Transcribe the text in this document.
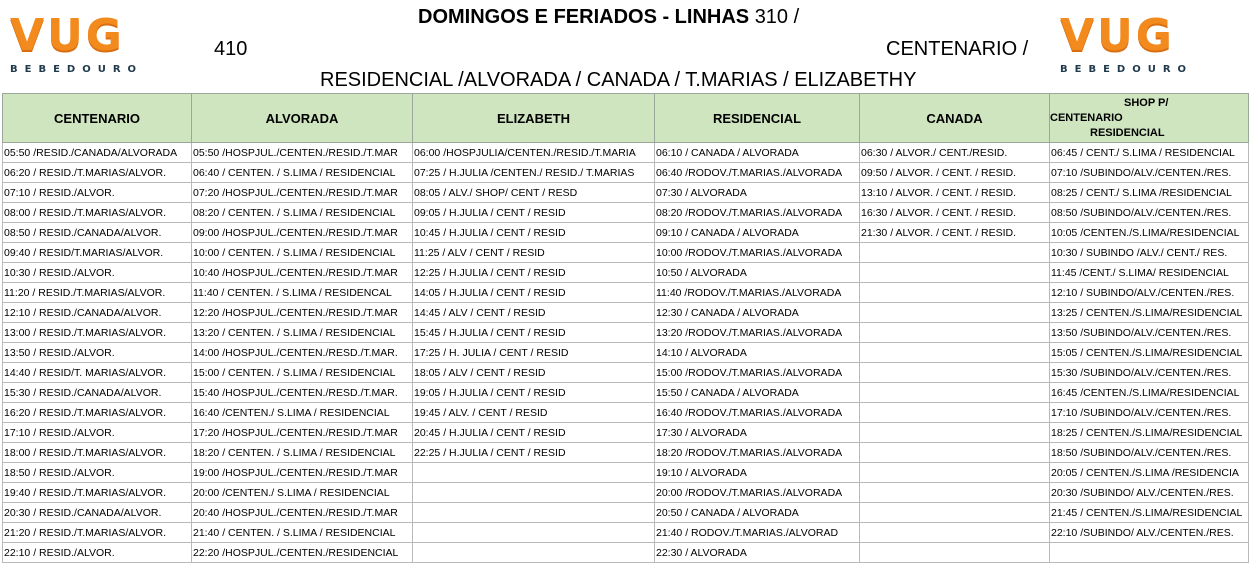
VUG
BEBEDOURO
DOMINGOS E FERIADOS - LINHAS 310 /
410	CENTENARIO /
RESIDENCIAL /ALVORADA / CANADA / T.MARIAS / ELIZABETHY
VUG
BEBEDOURO
CENTENARIO	ALVORADA	ELIZABETH	RESIDENCIAL	CANADA	SHOP P/
CENTENARIO
RESIDENCIAL

05:50 /RESID./CANADA/ALVORADA	05:50 /HOSPJUL./CENTEN./RESID./T.MAR	06:00 /HOSPJULIA/CENTEN./RESID./T.MARIA	06:10 / CANADA / ALVORADA	06:30 / ALVOR./ CENT./RESID.	06:45 / CENT./ S.LIMA / RESIDENCIAL
06:20 / RESID./T.MARIAS/ALVOR.	06:40 / CENTEN. / S.LIMA / RESIDENCIAL	07:25 / H.JULIA /CENTEN./ RESID./ T.MARIAS	06:40 /RODOV./T.MARIAS./ALVORADA	09:50 / ALVOR. / CENT. / RESID.	07:10 /SUBINDO/ALV./CENTEN./RES.
07:10 / RESID./ALVOR.	07:20 /HOSPJUL./CENTEN./RESID./T.MAR	08:05 / ALV./ SHOP/ CENT / RESD	07:30 / ALVORADA	13:10 / ALVOR. / CENT. / RESID.	08:25 / CENT./ S.LIMA /RESIDENCIAL
08:00 / RESID./T.MARIAS/ALVOR.	08:20 / CENTEN. / S.LIMA / RESIDENCIAL	09:05 / H.JULIA / CENT / RESID	08:20 /RODOV./T.MARIAS./ALVORADA	16:30 / ALVOR. / CENT. / RESID.	08:50 /SUBINDO/ALV./CENTEN./RES.
08:50 / RESID./CANADA/ALVOR.	09:00 /HOSPJUL./CENTEN./RESID./T.MAR	10:45 / H.JULIA / CENT / RESID	09:10 / CANADA / ALVORADA	21:30 / ALVOR. / CENT. / RESID.	10:05 /CENTEN./S.LIMA/RESIDENCIAL
09:40 / RESID/T.MARIAS/ALVOR.	10:00 / CENTEN. / S.LIMA / RESIDENCIAL	11:25 / ALV / CENT / RESID	10:00 /RODOV./T.MARIAS./ALVORADA		10:30 / SUBINDO /ALV./ CENT./ RES.
10:30 / RESID./ALVOR.	10:40 /HOSPJUL./CENTEN./RESID./T.MAR	12:25 / H.JULIA / CENT / RESID	10:50 / ALVORADA		11:45 /CENT./ S.LIMA/ RESIDENCIAL
11:20 / RESID./T.MARIAS/ALVOR.	11:40 / CENTEN. / S.LIMA / RESIDENCAL	14:05 / H.JULIA / CENT / RESID	11:40 /RODOV./T.MARIAS./ALVORADA		12:10 / SUBINDO/ALV./CENTEN./RES.
12:10 / RESID./CANADA/ALVOR.	12:20 /HOSPJUL./CENTEN./RESID./T.MAR	14:45 / ALV / CENT / RESID	12:30 / CANADA / ALVORADA		13:25 / CENTEN./S.LIMA/RESIDENCIAL
13:00 / RESID./T.MARIAS/ALVOR.	13:20 / CENTEN. / S.LIMA / RESIDENCIAL	15:45 / H.JULIA / CENT / RESID	13:20 /RODOV./T.MARIAS./ALVORADA		13:50 /SUBINDO/ALV./CENTEN./RES.
13:50 / RESID./ALVOR.	14:00 /HOSPJUL./CENTEN./RESD./T.MAR.	17:25 / H. JULIA / CENT / RESID	14:10 / ALVORADA		15:05 / CENTEN./S.LIMA/RESIDENCIAL
14:40 / RESID/T. MARIAS/ALVOR.	15:00 / CENTEN. / S.LIMA / RESIDENCIAL	18:05 / ALV / CENT / RESID	15:00 /RODOV./T.MARIAS./ALVORADA		15:30 /SUBINDO/ALV./CENTEN./RES.
15:30 / RESID./CANADA/ALVOR.	15:40 /HOSPJUL./CENTEN./RESD./T.MAR.	19:05 / H.JULIA / CENT / RESID	15:50 / CANADA / ALVORADA		16:45 /CENTEN./S.LIMA/RESIDENCIAL
16:20 / RESID./T.MARIAS/ALVOR.	16:40 /CENTEN./ S.LIMA / RESIDENCIAL	19:45 / ALV. / CENT / RESID	16:40 /RODOV./T.MARIAS./ALVORADA		17:10 /SUBINDO/ALV./CENTEN./RES.
17:10 / RESID./ALVOR.	17:20 /HOSPJUL./CENTEN./RESID./T.MAR	20:45 / H.JULIA / CENT / RESID	17:30 / ALVORADA		18:25 / CENTEN./S.LIMA/RESIDENCIAL
18:00 / RESID./T.MARIAS/ALVOR.	18:20 / CENTEN. / S.LIMA / RESIDENCIAL	22:25 / H.JULIA / CENT / RESID	18:20 /RODOV./T.MARIAS./ALVORADA		18:50 /SUBINDO/ALV./CENTEN./RES.
18:50 / RESID./ALVOR.	19:00 /HOSPJUL./CENTEN./RESID./T.MAR		19:10 / ALVORADA		20:05 / CENTEN./S.LIMA /RESIDENCIA
19:40 / RESID./T.MARIAS/ALVOR.	20:00 /CENTEN./ S.LIMA / RESIDENCIAL		20:00 /RODOV./T.MARIAS./ALVORADA		20:30 /SUBINDO/ ALV./CENTEN./RES.
20:30 / RESID./CANADA/ALVOR.	20:40 /HOSPJUL./CENTEN./RESID./T.MAR		20:50 / CANADA / ALVORADA		21:45 / CENTEN./S.LIMA/RESIDENCIAL
21:20 / RESID./T.MARIAS/ALVOR.	21:40 / CENTEN. / S.LIMA / RESIDENCIAL		21:40 / RODOV./T.MARIAS./ALVORAD		22:10 /SUBINDO/ ALV./CENTEN./RES.
22:10 / RESID./ALVOR.	22:20 /HOSPJUL./CENTEN./RESIDENCIAL		22:30 / ALVORADA		
